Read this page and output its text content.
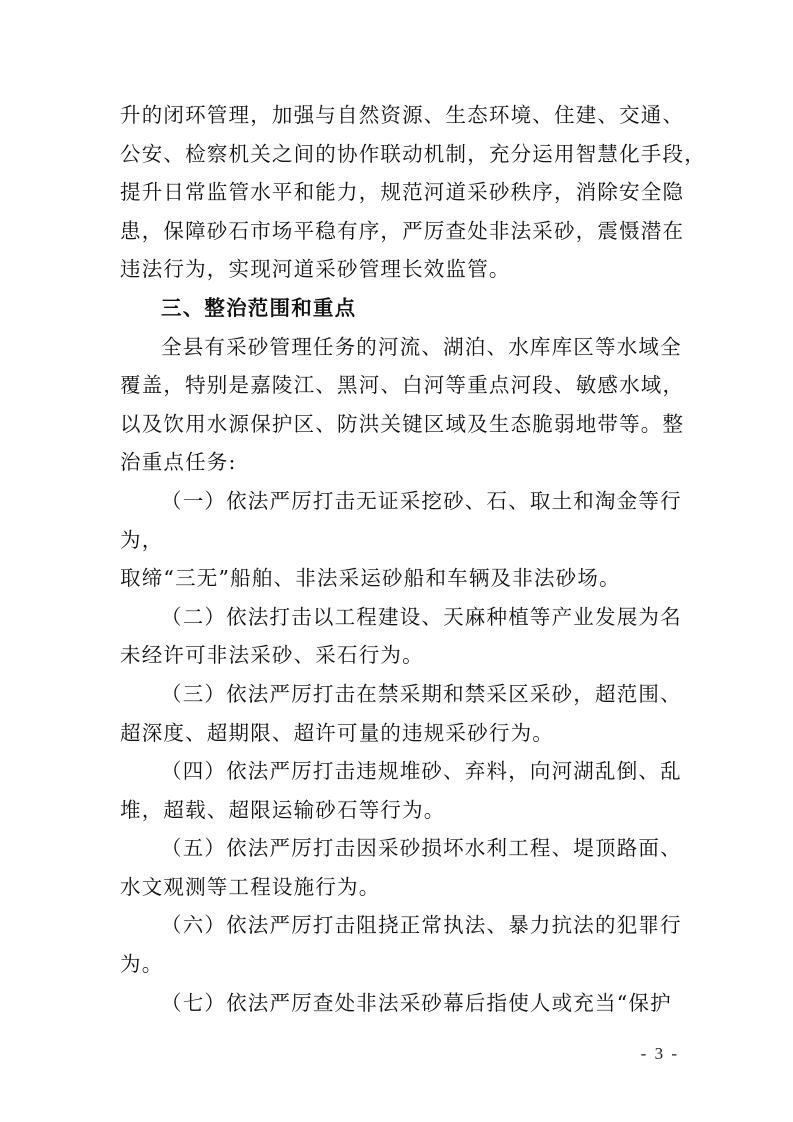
升的闭环管理，加强与自然资源、生态环境、住建、交通、
公安、检察机关之间的协作联动机制，充分运用智慧化手段，
提升日常监管水平和能力，规范河道采砂秩序，消除安全隐
患，保障砂石市场平稳有序，严厉查处非法采砂，震慑潜在
违法行为，实现河道采砂管理长效监管。
三、整治范围和重点
全县有采砂管理任务的河流、湖泊、水库库区等水域全
覆盖，特别是嘉陵江、黑河、白河等重点河段、敏感水域，
以及饮用水源保护区、防洪关键区域及生态脆弱地带等。整
治重点任务:
（一）依法严厉打击无证采挖砂、石、取土和淘金等行
为，
取缔“三无”船舶、非法采运砂船和车辆及非法砂场。
（二）依法打击以工程建设、天麻种植等产业发展为名
未经许可非法采砂、采石行为。
（三）依法严厉打击在禁采期和禁采区采砂，超范围、
超深度、超期限、超许可量的违规采砂行为。
（四）依法严厉打击违规堆砂、弃料，向河湖乱倒、乱
堆，超载、超限运输砂石等行为。
（五）依法严厉打击因采砂损坏水利工程、堤顶路面、
水文观测等工程设施行为。
（六）依法严厉打击阻挠正常执法、暴力抗法的犯罪行
为。
（七）依法严厉查处非法采砂幕后指使人或充当“保护
- 3 -
